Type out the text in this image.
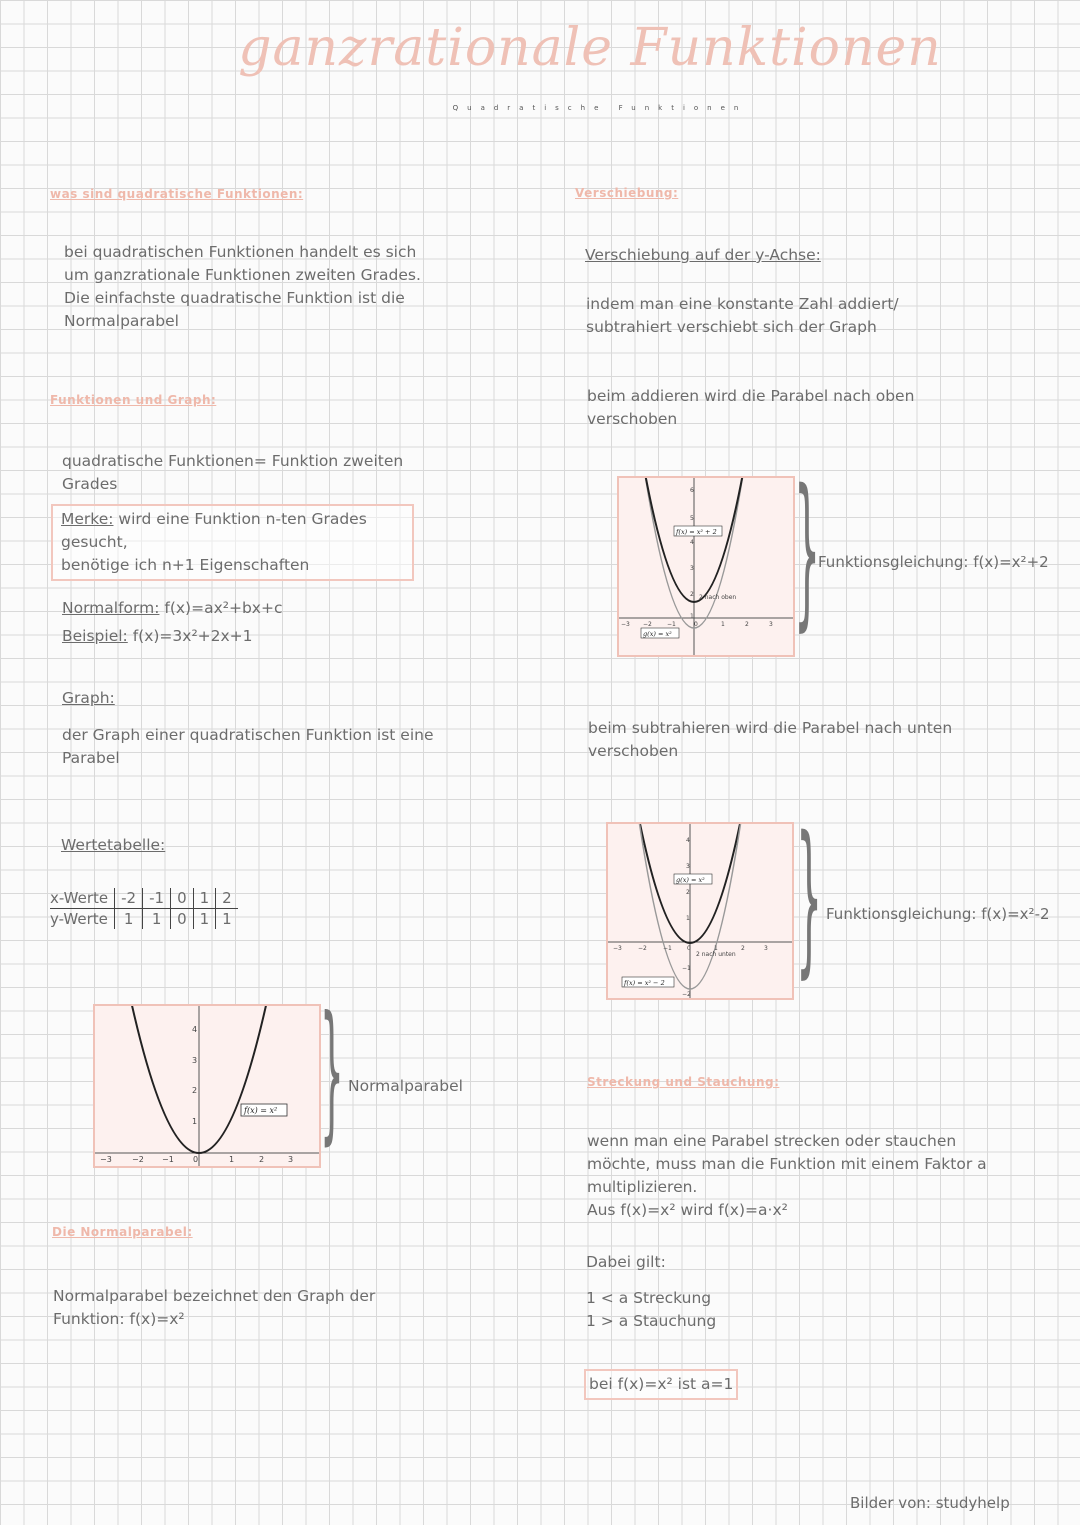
ganzrationale Funktionen
Quadratische Funktionen
was sind quadratische Funktionen:
bei quadratischen Funktionen handelt es sich
um ganzrationale Funktionen zweiten Grades.
Die einfachste quadratische Funktion ist die
Normalparabel
Funktionen und Graph:
quadratische Funktionen= Funktion zweiten Grades
Merke: wird eine Funktion n-ten Grades gesucht,
benötige ich n+1 Eigenschaften
Normalform: f(x)=ax²+bx+c
Beispiel: f(x)=3x²+2x+1
Graph:
der Graph einer quadratischen Funktion ist eine
Parabel
Wertetabelle:
x-Werte	-2	-1	0	1	2
y-Werte	1	1	0	1	1
−3	−2 −1 0	1	2	3
1
2
3
4
f(x) = x² } Normalparabel
Die Normalparabel:
Normalparabel bezeichnet den Graph der
Funktion: f(x)=x²
Verschiebung:
Verschiebung auf der y-Achse:
indem man eine konstante Zahl addiert/
subtrahiert verschiebt sich der Graph
beim addieren wird die Parabel nach oben
verschoben
−3 −2	−1	0	1	2	3
6
5
4
3
2
1
f(x) = x² + 2
g(x) = x²
2 nach oben }
Funktionsgleichung: f(x)=x²+2
beim subtrahieren wird die Parabel nach unten
verschoben
−3	−2	−1	0	1	2	3
4
3
2
1
−1
−2
g(x) = x²
f(x) = x² − 2
2 nach unten } Funktionsgleichung: f(x)=x²-2
Streckung und Stauchung:
wenn man eine Parabel strecken oder stauchen
möchte, muss man die Funktion mit einem Faktor a
multiplizieren.
Aus f(x)=x² wird f(x)=a·x²
Dabei gilt:
1 < a Streckung
1 > a Stauchung
bei f(x)=x² ist a=1
Bilder von: studyhelp
